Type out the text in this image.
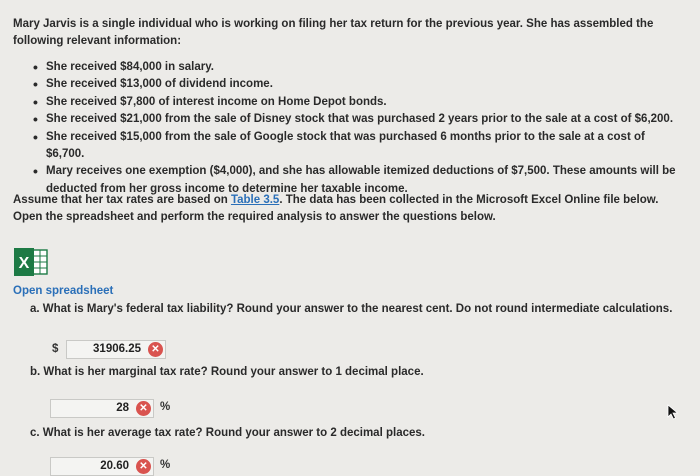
Mary Jarvis is a single individual who is working on filing her tax return for the previous year. She has assembled the following relevant information:
• She received $84,000 in salary.
• She received $13,000 of dividend income.
• She received $7,800 of interest income on Home Depot bonds.
• She received $21,000 from the sale of Disney stock that was purchased 2 years prior to the sale at a cost of $6,200.
• She received $15,000 from the sale of Google stock that was purchased 6 months prior to the sale at a cost of $6,700.
• Mary receives one exemption ($4,000), and she has allowable itemized deductions of $7,500. These amounts will be deducted from her gross income to determine her taxable income.
Assume that her tax rates are based on Table 3.5. The data has been collected in the Microsoft Excel Online file below. Open the spreadsheet and perform the required analysis to answer the questions below.
X
Open spreadsheet
a. What is Mary's federal tax liability? Round your answer to the nearest cent. Do not round intermediate calculations.
$	31906.25	✕
b. What is her marginal tax rate? Round your answer to 1 decimal place.
28	✕ %
c. What is her average tax rate? Round your answer to 2 decimal places.
20.60	✕ %
